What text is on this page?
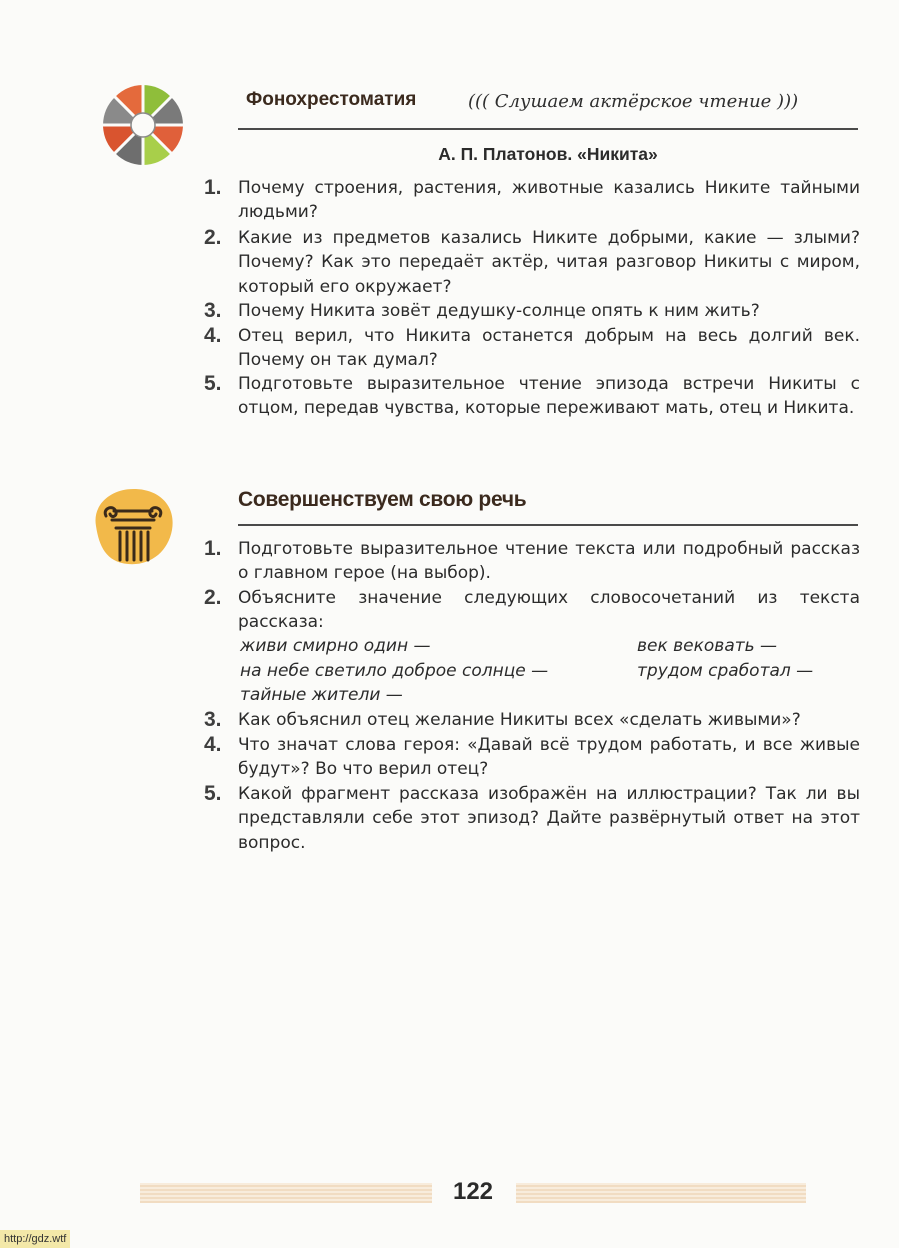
Фонохрестоматия	((( Слушаем актёрское чтение )))
А. П. Платонов. «Никита»
1. Почему строения, растения, животные казались Никите тайными людьми?
2. Какие из предметов казались Никите добрыми, какие — злыми? Почему? Как это передаёт актёр, читая разговор Никиты с миром, который его окружает?
3. Почему Никита зовёт дедушку-солнце опять к ним жить?
4. Отец верил, что Никита останется добрым на весь долгий век. Почему он так думал?
5. Подготовьте выразительное чтение эпизода встречи Никиты с отцом, передав чувства, которые переживают мать, отец и Никита.
Совершенствуем свою речь
1. Подготовьте выразительное чтение текста или подробный рассказ о главном герое (на выбор).
2. Объясните значение следующих словосочетаний из текста рассказа:
живи смирно один —
на небе светило доброе солнце —
тайные жители —
век вековать —
трудом сработал —
3. Как объяснил отец желание Никиты всех «сделать живыми»?
4. Что значат слова героя: «Давай всё трудом работать, и все живые будут»? Во что верил отец?
5. Какой фрагмент рассказа изображён на иллюстрации? Так ли вы представляли себе этот эпизод? Дайте развёрнутый ответ на этот вопрос.
122
http://gdz.wtf
